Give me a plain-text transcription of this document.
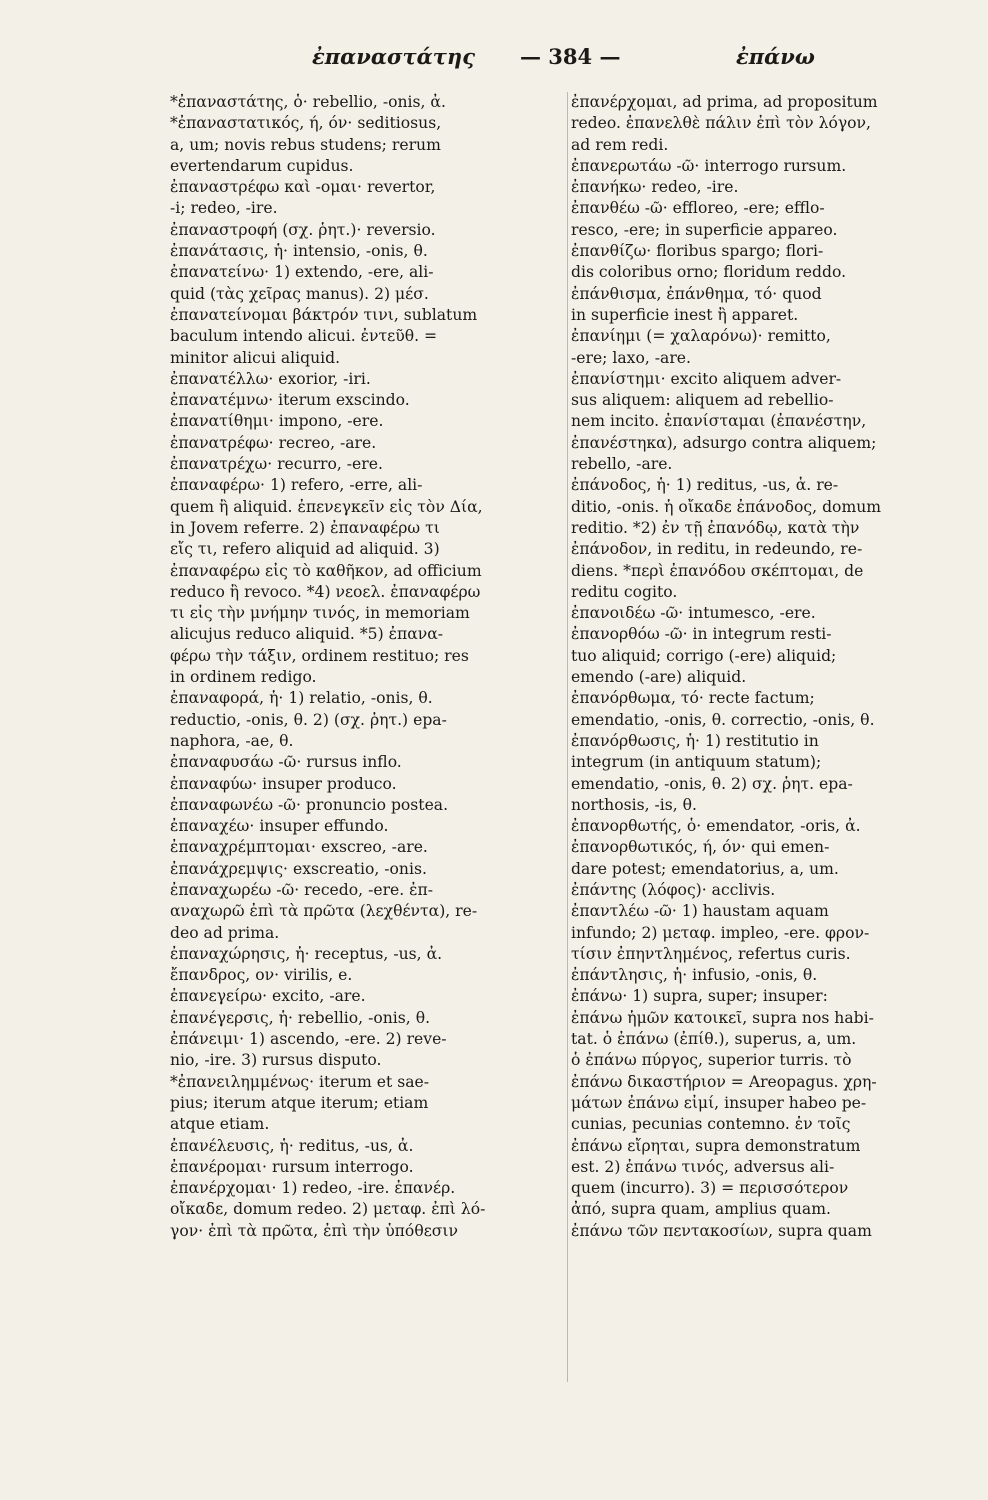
ἐπαναστάτης — 384 —	ἐπάνω
*ἐπαναστάτης, ὁ· rebellio, -onis, ἀ.
*ἐπαναστατικός, ή, όν· seditiosus,
a, um; novis rebus studens; rerum
evertendarum cupidus.
ἐπαναστρέφω καὶ -ομαι· revertor,
-i; redeo, -ire.
ἐπαναστροφή (σχ. ῥητ.)· reversio.
ἐπανάτασις, ἡ· intensio, -onis, θ.
ἐπανατείνω· 1) extendo, -ere, ali-
quid (τὰς χεῖρας manus). 2) μέσ.
ἐπανατείνομαι βάκτρόν τινι, sublatum
baculum intendo alicui. ἐντεῦθ. =
minitor alicui aliquid.
ἐπανατέλλω· exorior, -iri.
ἐπανατέμνω· iterum exscindo.
ἐπανατίθημι· impono, -ere.
ἐπανατρέφω· recreo, -are.
ἐπανατρέχω· recurro, -ere.
ἐπαναφέρω· 1) refero, -erre, ali-
quem ἢ aliquid. ἐπενεγκεῖν εἰς τὸν Δία,
in Jovem referre. 2) ἐπαναφέρω τι
εἴς τι, refero aliquid ad aliquid. 3)
ἐπαναφέρω εἰς τὸ καθῆκον, ad officium
reduco ἢ revoco. *4) νεοελ. ἐπαναφέρω
τι εἰς τὴν μνήμην τινός, in memoriam
alicujus reduco aliquid. *5) ἐπανα-
φέρω τὴν τάξιν, ordinem restituo; res
in ordinem redigo.
ἐπαναφορά, ἡ· 1) relatio, -onis, θ.
reductio, -onis, θ. 2) (σχ. ῥητ.) epa-
naphora, -ae, θ.
ἐπαναφυσάω -ῶ· rursus inflo.
ἐπαναφύω· insuper produco.
ἐπαναφωνέω -ῶ· pronuncio postea.
ἐπαναχέω· insuper effundo.
ἐπαναχρέμπτομαι· exscreo, -are.
ἐπανάχρεμψις· exscreatio, -onis.
ἐπαναχωρέω -ῶ· recedo, -ere. ἐπ-
αναχωρῶ ἐπὶ τὰ πρῶτα (λεχθέντα), re-
deo ad prima.
ἐπαναχώρησις, ἡ· receptus, -us, ἀ.
ἔπανδρος, ον· virilis, e.
ἐπανεγείρω· excito, -are.
ἐπανέγερσις, ἡ· rebellio, -onis, θ.
ἐπάνειμι· 1) ascendo, -ere. 2) reve-
nio, -ire. 3) rursus disputo.
*ἐπανειλημμένως· iterum et sae-
pius; iterum atque iterum; etiam
atque etiam.
ἐπανέλευσις, ἡ· reditus, -us, ἀ.
ἐπανέρομαι· rursum interrogo.
ἐπανέρχομαι· 1) redeo, -ire. ἐπανέρ.
οἴκαδε, domum redeo. 2) μεταφ. ἐπὶ λό-
γον· ἐπὶ τὰ πρῶτα, ἐπὶ τὴν ὑπόθεσιν
ἐπανέρχομαι, ad prima, ad propositum
redeo. ἐπανελθὲ πάλιν ἐπὶ τὸν λόγον,
ad rem redi.
ἐπανερωτάω -ῶ· interrogo rursum.
ἐπανήκω· redeo, -ire.
ἐπανθέω -ῶ· effloreo, -ere; efflo-
resco, -ere; in superficie appareo.
ἐπανθίζω· floribus spargo; flori-
dis coloribus orno; floridum reddo.
ἐπάνθισμα, ἐπάνθημα, τό· quod
in superficie inest ἢ apparet.
ἐπανίημι (= χαλαρόνω)· remitto,
-ere; laxo, -are.
ἐπανίστημι· excito aliquem adver-
sus aliquem: aliquem ad rebellio-
nem incito. ἐπανίσταμαι (ἐπανέστην,
ἐπανέστηκα), adsurgo contra aliquem;
rebello, -are.
ἐπάνοδος, ἡ· 1) reditus, -us, ἀ. re-
ditio, -onis. ἡ οἴκαδε ἐπάνοδος, domum
reditio. *2) ἐν τῇ ἐπανόδῳ, κατὰ τὴν
ἐπάνοδον, in reditu, in redeundo, re-
diens. *περὶ ἐπανόδου σκέπτομαι, de
reditu cogito.
ἐπανοιδέω -ῶ· intumesco, -ere.
ἐπανορθόω -ῶ· in integrum resti-
tuo aliquid; corrigo (-ere) aliquid;
emendo (-are) aliquid.
ἐπανόρθωμα, τό· recte factum;
emendatio, -onis, θ. correctio, -onis, θ.
ἐπανόρθωσις, ἡ· 1) restitutio in
integrum (in antiquum statum);
emendatio, -onis, θ. 2) σχ. ῥητ. epa-
northosis, -is, θ.
ἐπανορθωτής, ὁ· emendator, -oris, ἀ.
ἐπανορθωτικός, ή, όν· qui emen-
dare potest; emendatorius, a, um.
ἐπάντης (λόφος)· acclivis.
ἐπαντλέω -ῶ· 1) haustam aquam
infundo; 2) μεταφ. impleo, -ere. φρον-
τίσιν ἐπηντλημένος, refertus curis.
ἐπάντλησις, ἡ· infusio, -onis, θ.
ἐπάνω· 1) supra, super; insuper:
ἐπάνω ἡμῶν κατοικεῖ, supra nos habi-
tat. ὁ ἐπάνω (ἐπίθ.), superus, a, um.
ὁ ἐπάνω πύργος, superior turris. τὸ
ἐπάνω δικαστήριον = Areopagus. χρη-
μάτων ἐπάνω εἰμί, insuper habeo pe-
cunias, pecunias contemno. ἐν τοῖς
ἐπάνω εἴρηται, supra demonstratum
est. 2) ἐπάνω τινός, adversus ali-
quem (incurro). 3) = περισσότερον
ἀπό, supra quam, amplius quam.
ἐπάνω τῶν πεντακοσίων, supra quam
